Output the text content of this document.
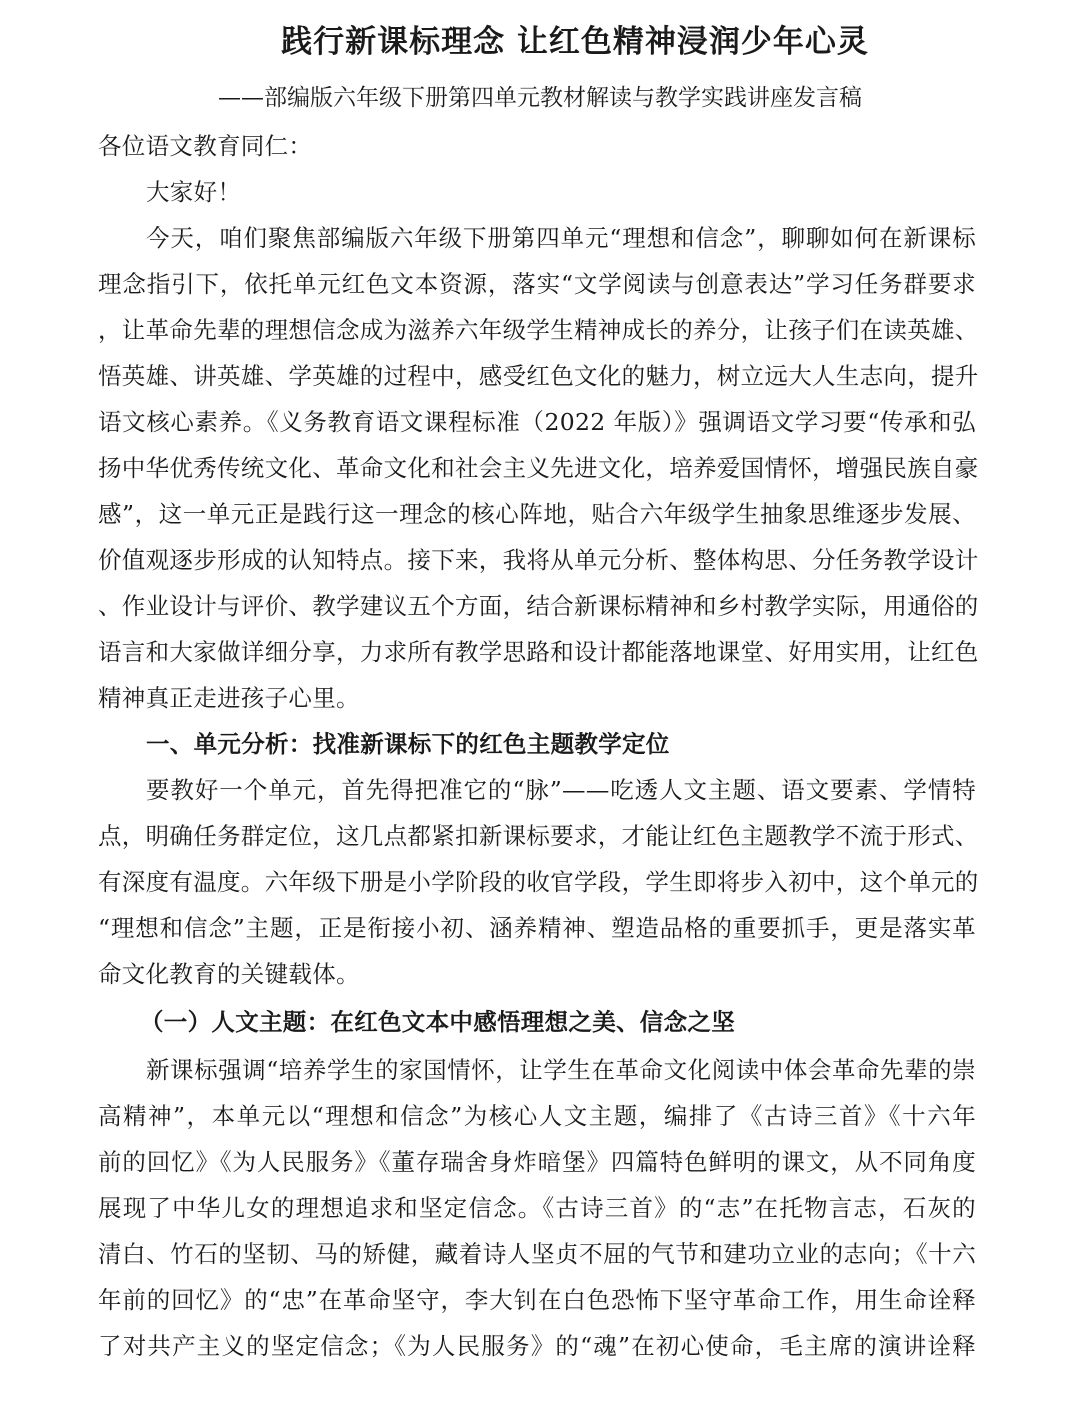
践行新课标理念 让红色精神浸润少年心灵
——部编版六年级下册第四单元教材解读与教学实践讲座发言稿
各位语文教育同仁：
大家好！
今天，咱们聚焦部编版六年级下册第四单元“理想和信念”，聊聊如何在新课标
理念指引下，依托单元红色文本资源，落实“文学阅读与创意表达”学习任务群要求
，让革命先辈的理想信念成为滋养六年级学生精神成长的养分，让孩子们在读英雄、
悟英雄、讲英雄、学英雄的过程中，感受红色文化的魅力，树立远大人生志向，提升
语文核心素养。《义务教育语文课程标准（2022 年版）》强调语文学习要“传承和弘
扬中华优秀传统文化、革命文化和社会主义先进文化，培养爱国情怀，增强民族自豪
感”，这一单元正是践行这一理念的核心阵地，贴合六年级学生抽象思维逐步发展、
价值观逐步形成的认知特点。接下来，我将从单元分析、整体构思、分任务教学设计
、作业设计与评价、教学建议五个方面，结合新课标精神和乡村教学实际，用通俗的
语言和大家做详细分享，力求所有教学思路和设计都能落地课堂、好用实用，让红色
精神真正走进孩子心里。
一、单元分析：找准新课标下的红色主题教学定位
要教好一个单元，首先得把准它的“脉”——吃透人文主题、语文要素、学情特
点，明确任务群定位，这几点都紧扣新课标要求，才能让红色主题教学不流于形式、
有深度有温度。六年级下册是小学阶段的收官学段，学生即将步入初中，这个单元的
“理想和信念”主题，正是衔接小初、涵养精神、塑造品格的重要抓手，更是落实革
命文化教育的关键载体。
（一）人文主题：在红色文本中感悟理想之美、信念之坚
新课标强调“培养学生的家国情怀，让学生在革命文化阅读中体会革命先辈的崇
高精神”，本单元以“理想和信念”为核心人文主题，编排了《古诗三首》《十六年
前的回忆》《为人民服务》《董存瑞舍身炸暗堡》四篇特色鲜明的课文，从不同角度
展现了中华儿女的理想追求和坚定信念。《古诗三首》的“志”在托物言志，石灰的
清白、竹石的坚韧、马的矫健，藏着诗人坚贞不屈的气节和建功立业的志向；《十六
年前的回忆》的“忠”在革命坚守，李大钊在白色恐怖下坚守革命工作，用生命诠释
了对共产主义的坚定信念；《为人民服务》的“魂”在初心使命，毛主席的演讲诠释
